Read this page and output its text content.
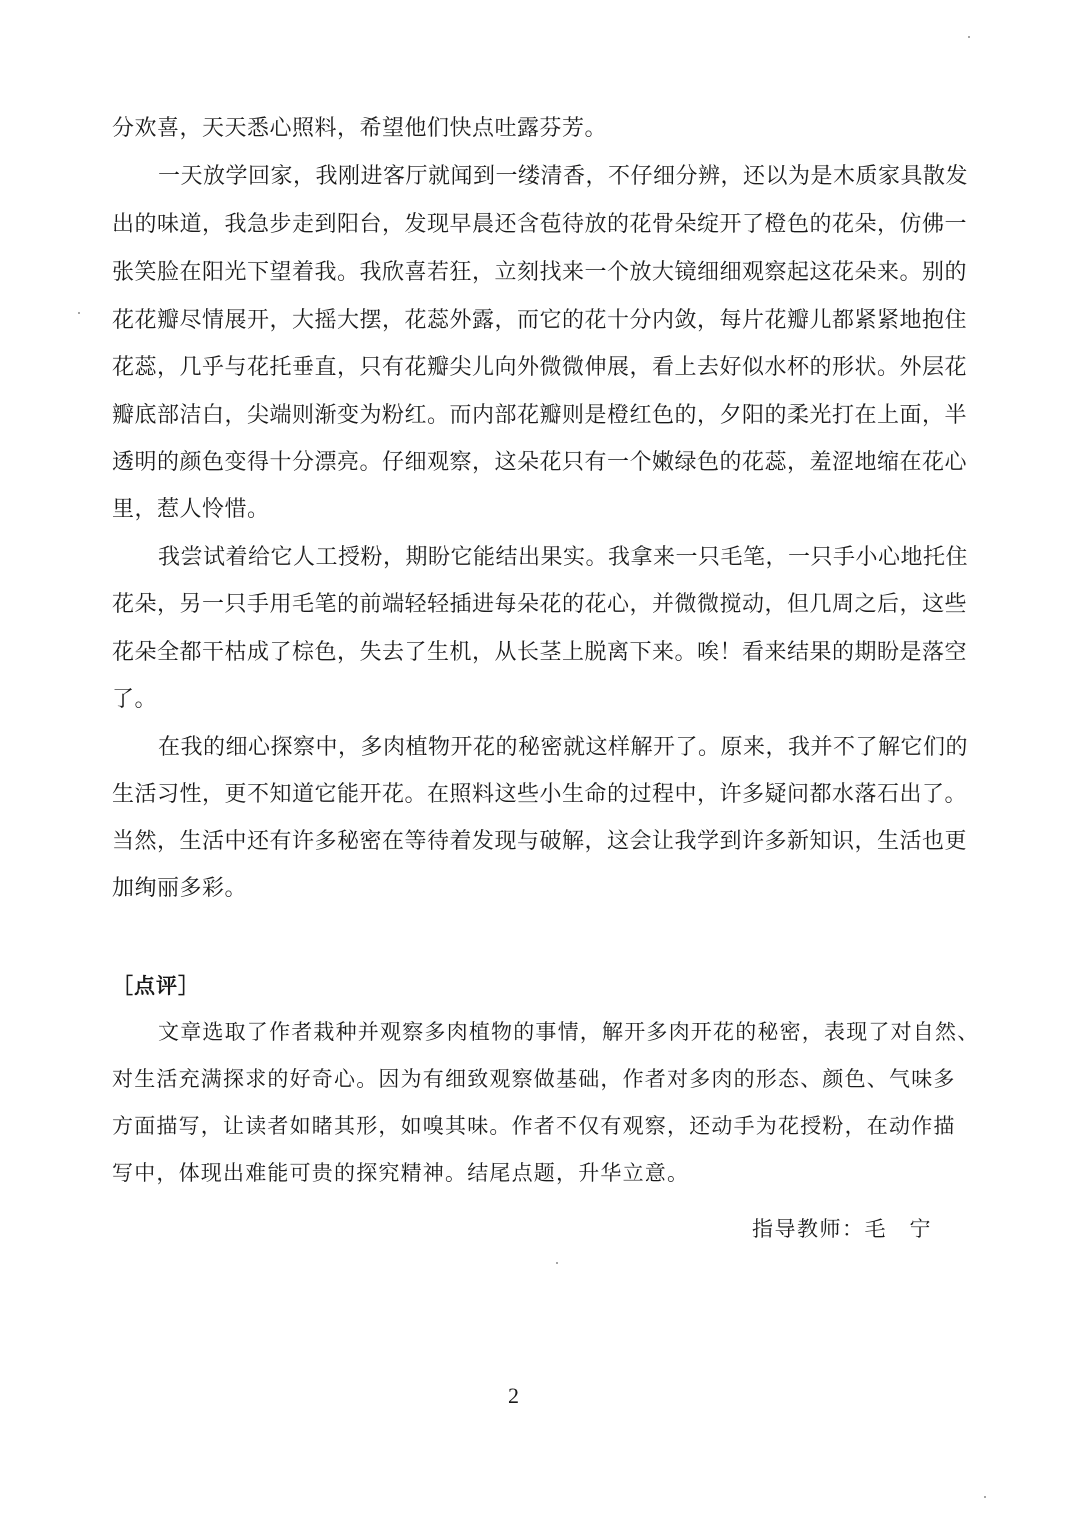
分欢喜，天天悉心照料，希望他们快点吐露芬芳。
一天放学回家，我刚进客厅就闻到一缕清香，不仔细分辨，还以为是木质家具散发
出的味道，我急步走到阳台，发现早晨还含苞待放的花骨朵绽开了橙色的花朵，仿佛一
张笑脸在阳光下望着我。我欣喜若狂，立刻找来一个放大镜细细观察起这花朵来。别的
花花瓣尽情展开，大摇大摆，花蕊外露，而它的花十分内敛，每片花瓣儿都紧紧地抱住
花蕊，几乎与花托垂直，只有花瓣尖儿向外微微伸展，看上去好似水杯的形状。外层花
瓣底部洁白，尖端则渐变为粉红。而内部花瓣则是橙红色的，夕阳的柔光打在上面，半
透明的颜色变得十分漂亮。仔细观察，这朵花只有一个嫩绿色的花蕊，羞涩地缩在花心
里，惹人怜惜。
我尝试着给它人工授粉，期盼它能结出果实。我拿来一只毛笔，一只手小心地托住
花朵，另一只手用毛笔的前端轻轻插进每朵花的花心，并微微搅动，但几周之后，这些
花朵全都干枯成了棕色，失去了生机，从长茎上脱离下来。唉！看来结果的期盼是落空
了。
在我的细心探察中，多肉植物开花的秘密就这样解开了。原来，我并不了解它们的
生活习性，更不知道它能开花。在照料这些小生命的过程中，许多疑问都水落石出了。
当然，生活中还有许多秘密在等待着发现与破解，这会让我学到许多新知识，生活也更
加绚丽多彩。
［点评］
文章选取了作者栽种并观察多肉植物的事情，解开多肉开花的秘密，表现了对自然、
对生活充满探求的好奇心。因为有细致观察做基础，作者对多肉的形态、颜色、气味多
方面描写，让读者如睹其形，如嗅其味。作者不仅有观察，还动手为花授粉，在动作描
写中，体现出难能可贵的探究精神。结尾点题，升华立意。
指导教师：毛　宁
2
